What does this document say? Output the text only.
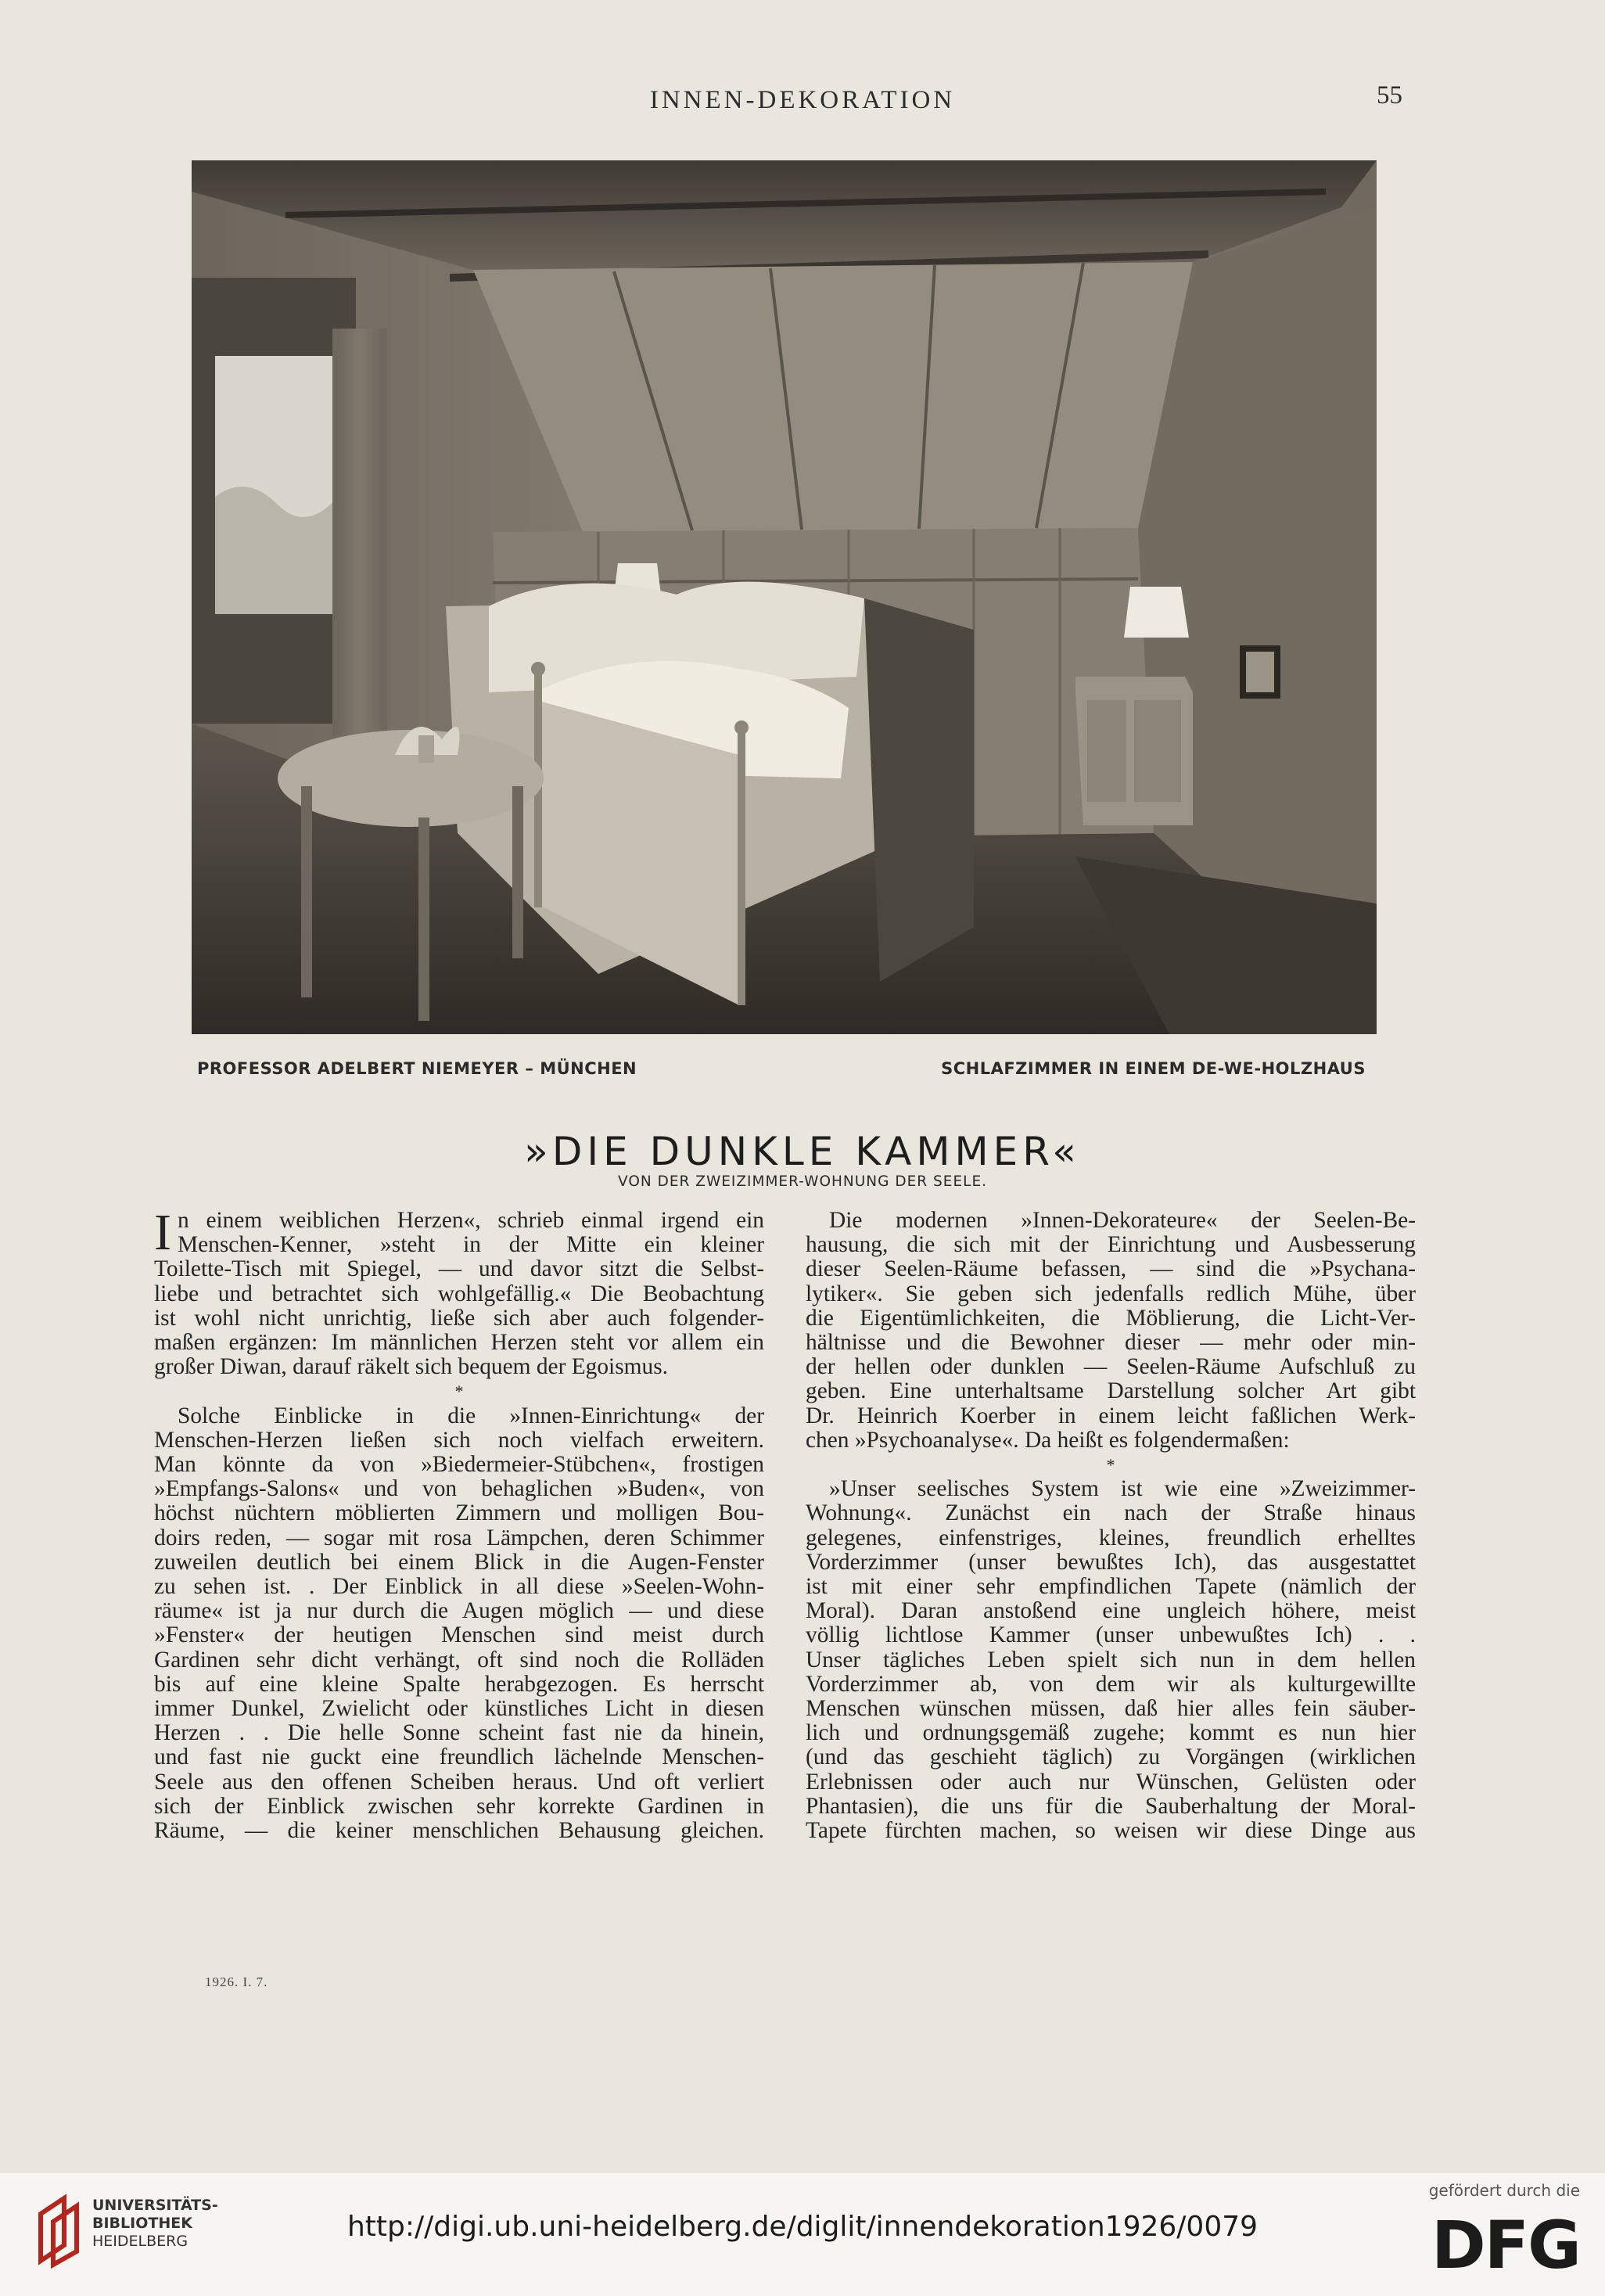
INNEN-DEKORATION	55
PROFESSOR ADELBERT NIEMEYER – MÜNCHEN	SCHLAFZIMMER IN EINEM DE-WE-HOLZHAUS
»DIE DUNKLE KAMMER«
VON DER ZWEIZIMMER-WOHNUNG DER SEELE.
I n einem weiblichen Herzen«, schrieb einmal irgend ein

Menschen-Kenner, »steht in der Mitte ein kleiner

Toilette-Tisch mit Spiegel, — und davor sitzt die Selbst-

liebe und betrachtet sich wohlgefällig.« Die Beobachtung

ist wohl nicht unrichtig, ließe sich aber auch folgender-

maßen ergänzen: Im männlichen Herzen steht vor allem ein

großer Diwan, darauf räkelt sich bequem der Egoismus.

*

Solche Einblicke in die »Innen-Einrichtung« der

Menschen-Herzen ließen sich noch vielfach erweitern.

Man könnte da von »Biedermeier-Stübchen«, frostigen

»Empfangs-Salons« und von behaglichen »Buden«, von

höchst nüchtern möblierten Zimmern und molligen Bou-

doirs reden, — sogar mit rosa Lämpchen, deren Schimmer

zuweilen deutlich bei einem Blick in die Augen-Fenster

zu sehen ist. . Der Einblick in all diese »Seelen-Wohn-

räume« ist ja nur durch die Augen möglich — und diese

»Fenster« der heutigen Menschen sind meist durch

Gardinen sehr dicht verhängt, oft sind noch die Rolläden

bis auf eine kleine Spalte herabgezogen. Es herrscht

immer Dunkel, Zwielicht oder künstliches Licht in diesen

Herzen . . Die helle Sonne scheint fast nie da hinein,

und fast nie guckt eine freundlich lächelnde Menschen-

Seele aus den offenen Scheiben heraus. Und oft verliert

sich der Einblick zwischen sehr korrekte Gardinen in

Räume, — die keiner menschlichen Behausung gleichen.

Die modernen »Innen-Dekorateure« der Seelen-Be-

hausung, die sich mit der Einrichtung und Ausbesserung

dieser Seelen-Räume befassen, — sind die »Psychana-

lytiker«. Sie geben sich jedenfalls redlich Mühe, über

die Eigentümlichkeiten, die Möblierung, die Licht-Ver-

hältnisse und die Bewohner dieser — mehr oder min-

der hellen oder dunklen — Seelen-Räume Aufschluß zu

geben. Eine unterhaltsame Darstellung solcher Art gibt

Dr. Heinrich Koerber in einem leicht faßlichen Werk-

chen »Psychoanalyse«. Da heißt es folgendermaßen:

*

»Unser seelisches System ist wie eine »Zweizimmer-

Wohnung«. Zunächst ein nach der Straße hinaus

gelegenes, einfenstriges, kleines, freundlich erhelltes

Vorderzimmer (unser bewußtes Ich), das ausgestattet

ist mit einer sehr empfindlichen Tapete (nämlich der

Moral). Daran anstoßend eine ungleich höhere, meist

völlig lichtlose Kammer (unser unbewußtes Ich) . .

Unser tägliches Leben spielt sich nun in dem hellen

Vorderzimmer ab, von dem wir als kulturgewillte

Menschen wünschen müssen, daß hier alles fein säuber-

lich und ordnungsgemäß zugehe; kommt es nun hier

(und das geschieht täglich) zu Vorgängen (wirklichen

Erlebnissen oder auch nur Wünschen, Gelüsten oder

Phantasien), die uns für die Sauberhaltung der Moral-

Tapete fürchten machen, so weisen wir diese Dinge aus

1926. I. 7.
UNIVERSITÄTS-
BIBLIOTHEK
HEIDELBERG	http://digi.ub.uni-heidelberg.de/diglit/innendekoration1926/0079
gefördert durch die
DFG
